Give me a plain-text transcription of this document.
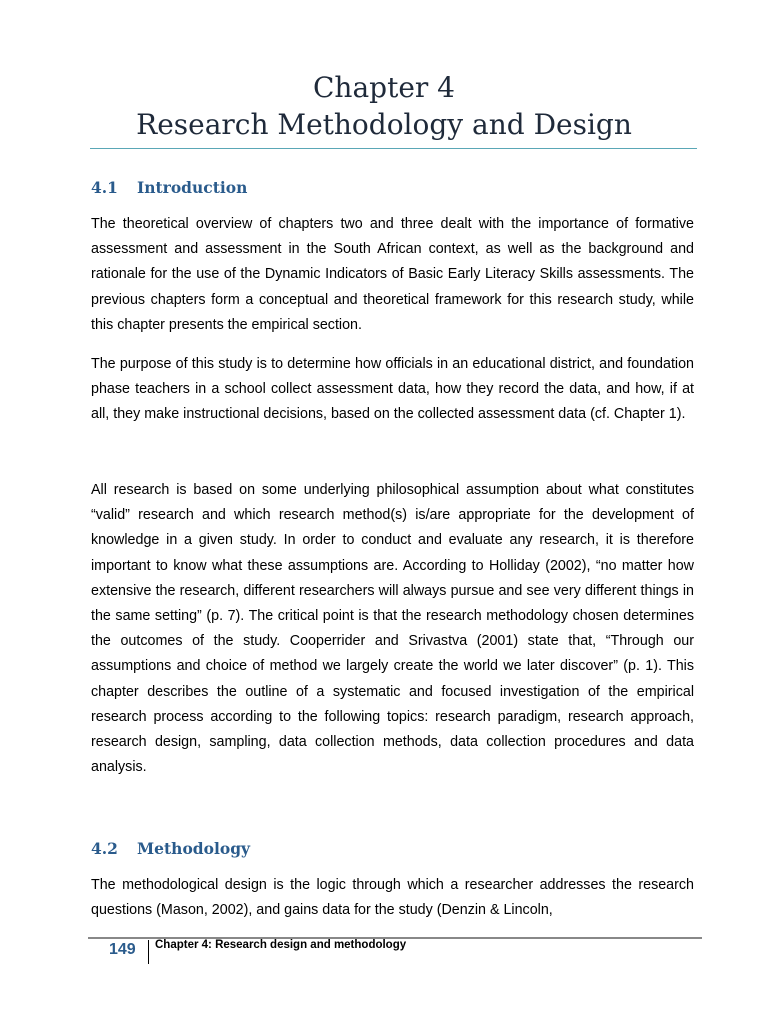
Chapter 4
Research Methodology and Design
4.1 Introduction

The theoretical overview of chapters two and three dealt with the importance of formative assessment and assessment in the South African context, as well as the background and rationale for the use of the Dynamic Indicators of Basic Early Literacy Skills assessments. The previous chapters form a conceptual and theoretical framework for this research study, while this chapter presents the empirical section.

The purpose of this study is to determine how officials in an educational district, and foundation phase teachers in a school collect assessment data, how they record the data, and how, if at all, they make instructional decisions, based on the collected assessment data (cf. Chapter 1).

All research is based on some underlying philosophical assumption about what constitutes “valid” research and which research method(s) is/are appropriate for the development of knowledge in a given study. In order to conduct and evaluate any research, it is therefore important to know what these assumptions are. According to Holliday (2002), “no matter how extensive the research, different researchers will always pursue and see very different things in the same setting” (p. 7). The critical point is that the research methodology chosen determines the outcomes of the study. Cooperrider and Srivastva (2001) state that, “Through our assumptions and choice of method we largely create the world we later discover” (p. 1). This chapter describes the outline of a systematic and focused investigation of the empirical research process according to the following topics: research paradigm, research approach, research design, sampling, data collection methods, data collection procedures and data analysis.

4.2 Methodology

The methodological design is the logic through which a researcher addresses the research questions (Mason, 2002), and gains data for the study (Denzin & Lincoln,

149 Chapter 4: Research design and methodology
